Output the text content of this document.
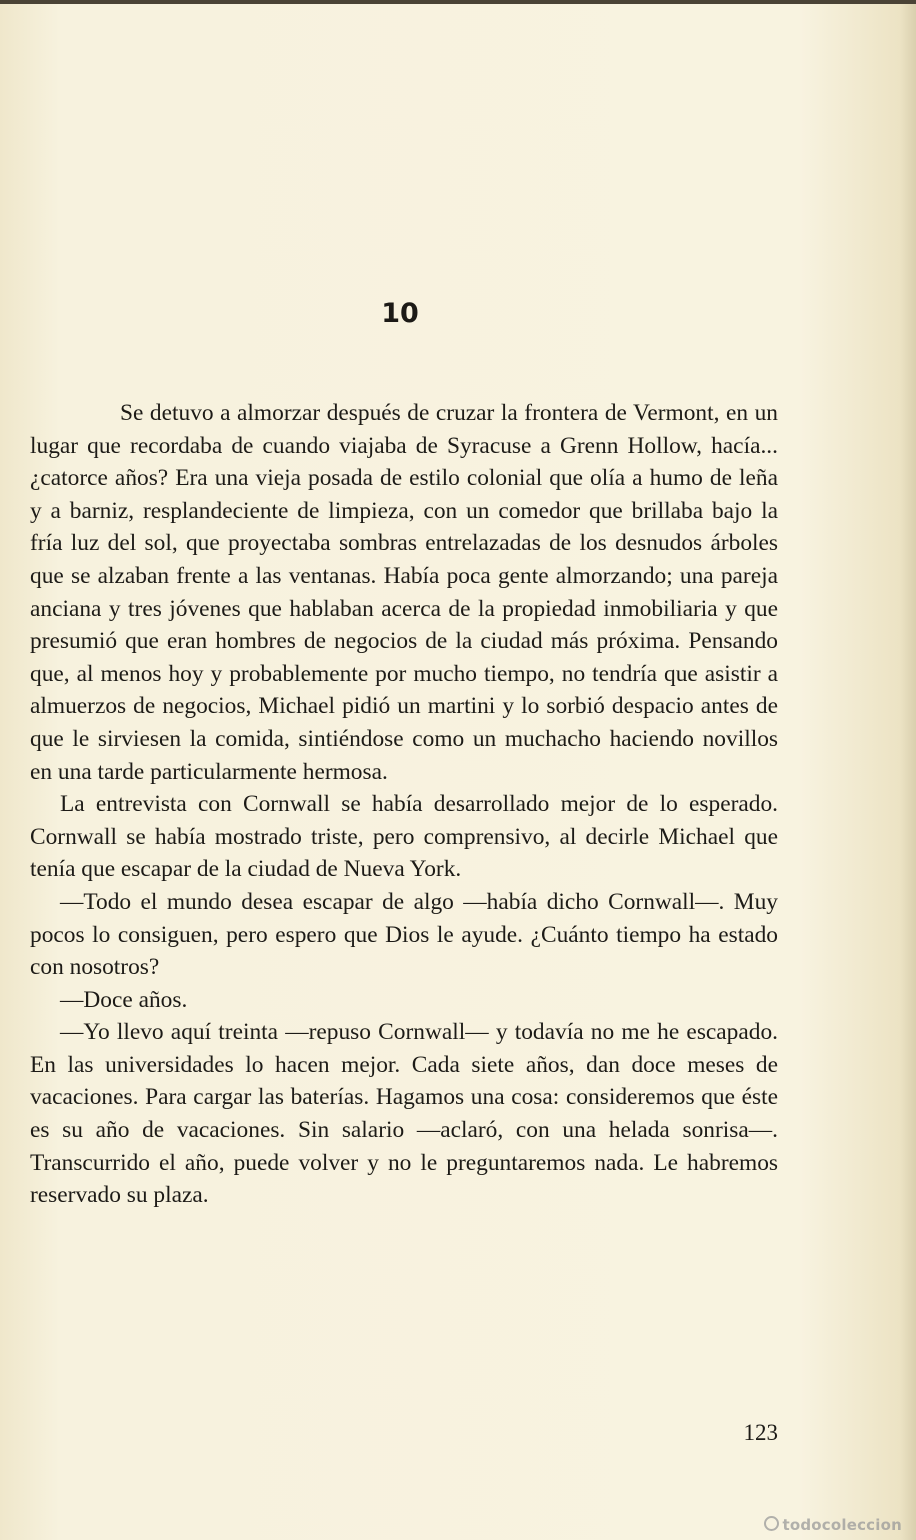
10

Se detuvo a almorzar después de cruzar la frontera de Vermont, en un lugar que recordaba de cuando viajaba de Syracuse a Grenn Hollow, hacía... ¿catorce años? Era una vieja posada de estilo colonial que olía a humo de leña y a barniz, resplandeciente de limpieza, con un comedor que brillaba bajo la fría luz del sol, que proyectaba sombras entrelazadas de los desnudos árboles que se alzaban frente a las ventanas. Había poca gente almorzando; una pareja anciana y tres jóvenes que hablaban acerca de la propiedad inmobiliaria y que presumió que eran hombres de negocios de la ciudad más próxima. Pensando que, al menos hoy y probablemente por mucho tiempo, no tendría que asistir a almuerzos de negocios, Michael pidió un martini y lo sorbió despacio antes de que le sirviesen la comida, sintiéndose como un muchacho haciendo novillos en una tarde particularmente hermosa.

La entrevista con Cornwall se había desarrollado mejor de lo esperado. Cornwall se había mostrado triste, pero comprensivo, al decirle Michael que tenía que escapar de la ciudad de Nueva York.

—Todo el mundo desea escapar de algo —había dicho Cornwall—. Muy pocos lo consiguen, pero espero que Dios le ayude. ¿Cuánto tiempo ha estado con nosotros?

—Doce años.

—Yo llevo aquí treinta —repuso Cornwall— y todavía no me he escapado. En las universidades lo hacen mejor. Cada siete años, dan doce meses de vacaciones. Para cargar las baterías. Hagamos una cosa: consideremos que éste es su año de vacaciones. Sin salario —aclaró, con una helada sonrisa—. Transcurrido el año, puede volver y no le preguntaremos nada. Le habremos reservado su plaza.

123
todocoleccion
